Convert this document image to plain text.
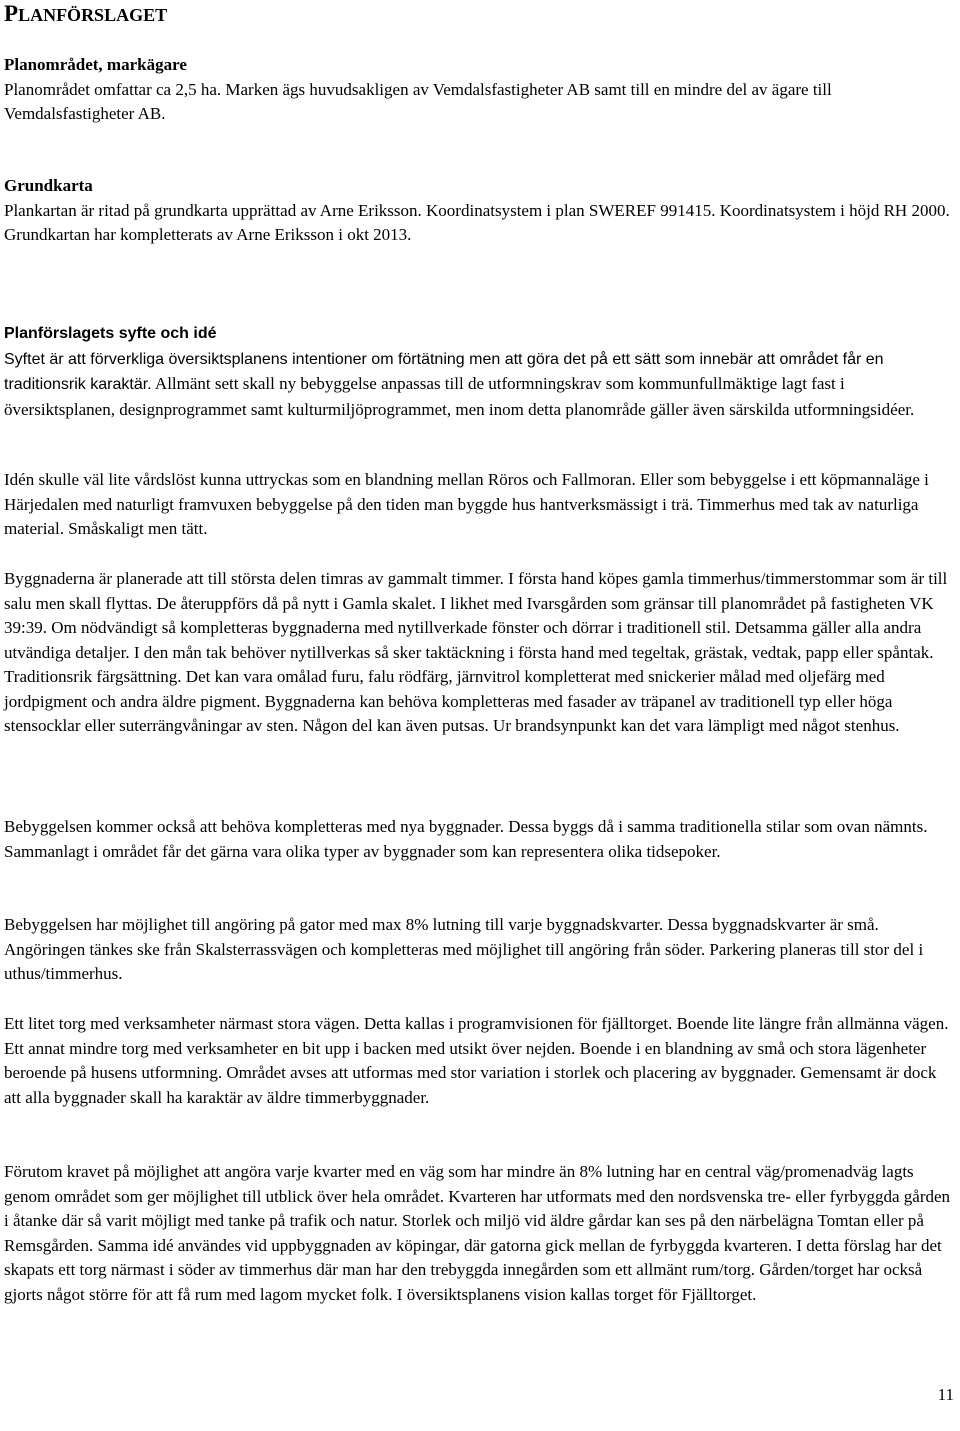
PLANFÖRSLAGET

Planområdet, markägare

Planområdet omfattar ca 2,5 ha. Marken ägs huvudsakligen av Vemdalsfastigheter AB samt till en mindre del av ägare till Vemdalsfastigheter AB.

Grundkarta

Plankartan är ritad på grundkarta upprättad av Arne Eriksson. Koordinatsystem i plan SWEREF 991415. Koordinatsystem i höjd RH 2000. Grundkartan har kompletterats av Arne Eriksson i okt 2013.

Planförslagets syfte och idé

Syftet är att förverkliga översiktsplanens intentioner om förtätning men att göra det på ett sätt som innebär att området får en traditionsrik karaktär. Allmänt sett skall ny bebyggelse anpassas till de utformningskrav som kommunfullmäktige lagt fast i översiktsplanen, designprogrammet samt kulturmiljöprogrammet, men inom detta planområde gäller även särskilda utformningsidéer.

Idén skulle väl lite vårdslöst kunna uttryckas som en blandning mellan Röros och Fallmoran. Eller som bebyggelse i ett köpmannaläge i Härjedalen med naturligt framvuxen bebyggelse på den tiden man byggde hus hantverksmässigt i trä. Timmerhus med tak av naturliga material. Småskaligt men tätt.

Byggnaderna är planerade att till största delen timras av gammalt timmer. I första hand köpes gamla timmerhus/timmerstommar som är till salu men skall flyttas. De återuppförs då på nytt i Gamla skalet. I likhet med Ivarsgården som gränsar till planområdet på fastigheten VK 39:39. Om nödvändigt så kompletteras byggnaderna med nytillverkade fönster och dörrar i traditionell stil. Detsamma gäller alla andra utvändiga detaljer. I den mån tak behöver nytillverkas så sker taktäckning i första hand med tegeltak, grästak, vedtak, papp eller spåntak. Traditionsrik färgsättning. Det kan vara omålad furu, falu rödfärg, järnvitrol kompletterat med snickerier målad med oljefärg med jordpigment och andra äldre pigment. Byggnaderna kan behöva kompletteras med fasader av träpanel av traditionell typ eller höga stensocklar eller suterrängvåningar av sten. Någon del kan även putsas. Ur brandsynpunkt kan det vara lämpligt med något stenhus.

Bebyggelsen kommer också att behöva kompletteras med nya byggnader. Dessa byggs då i samma traditionella stilar som ovan nämnts. Sammanlagt i området får det gärna vara olika typer av byggnader som kan representera olika tidsepoker.

Bebyggelsen har möjlighet till angöring på gator med max 8% lutning till varje byggnadskvarter. Dessa byggnadskvarter är små. Angöringen tänkes ske från Skalsterrassvägen och kompletteras med möjlighet till angöring från söder. Parkering planeras till stor del i uthus/timmerhus.

Ett litet torg med verksamheter närmast stora vägen. Detta kallas i programvisionen för fjälltorget. Boende lite längre från allmänna vägen. Ett annat mindre torg med verksamheter en bit upp i backen med utsikt över nejden. Boende i en blandning av små och stora lägenheter beroende på husens utformning. Området avses att utformas med stor variation i storlek och placering av byggnader. Gemensamt är dock att alla byggnader skall ha karaktär av äldre timmerbyggnader.

Förutom kravet på möjlighet att angöra varje kvarter med en väg som har mindre än 8% lutning har en central väg/promenadväg lagts genom området som ger möjlighet till utblick över hela området. Kvarteren har utformats med den nordsvenska tre- eller fyrbyggda gården i åtanke där så varit möjligt med tanke på trafik och natur. Storlek och miljö vid äldre gårdar kan ses på den närbelägna Tomtan eller på Remsgården. Samma idé användes vid uppbyggnaden av köpingar, där gatorna gick mellan de fyrbyggda kvarteren. I detta förslag har det skapats ett torg närmast i söder av timmerhus där man har den trebyggda innegården som ett allmänt rum/torg. Gården/torget har också gjorts något större för att få rum med lagom mycket folk. I översiktsplanens vision kallas torget för Fjälltorget.

11
